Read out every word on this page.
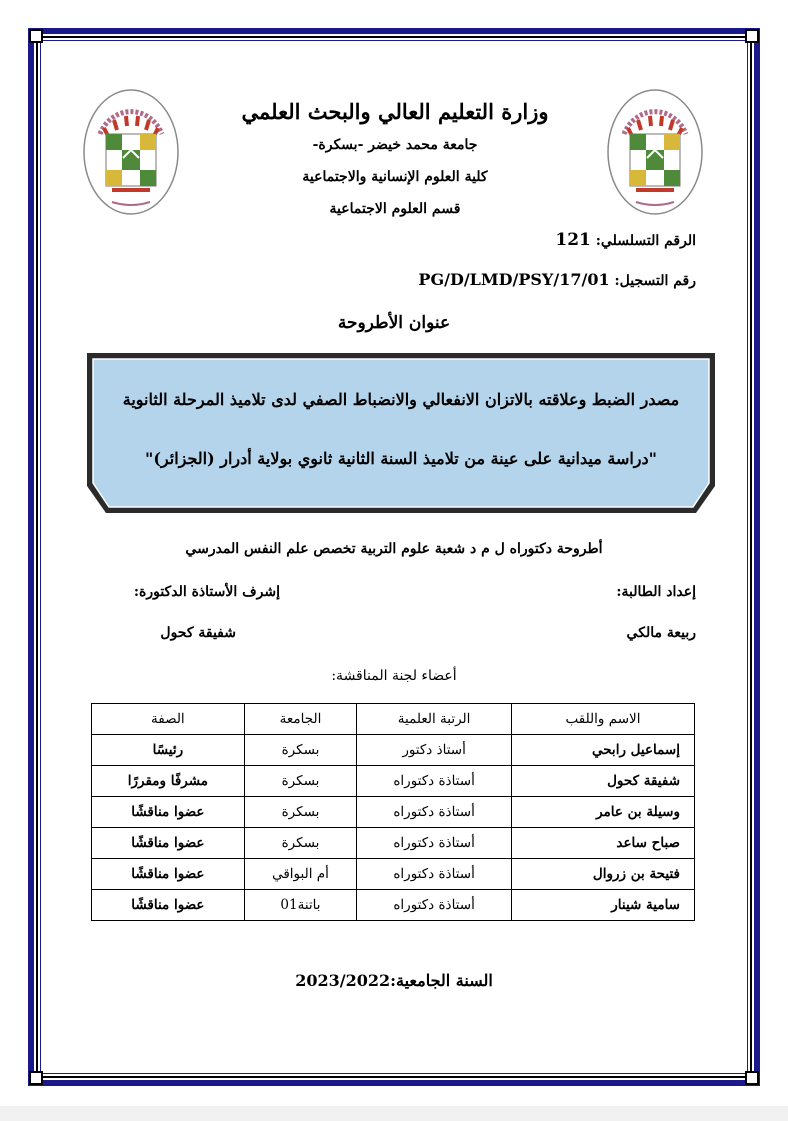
وزارة التعليم العالي والبحث العلمي
جامعة محمد خيضر -بسكرة-
كلية العلوم الإنسانية والاجتماعية
قسم العلوم الاجتماعية
الرقم التسلسلي: 121
رقم التسجيل: 01/PG/D/LMD/PSY/17
عنوان الأطروحة
مصدر الضبط وعلاقته بالاتزان الانفعالي والانضباط الصفي لدى تلاميذ المرحلة الثانوية
"دراسة ميدانية على عينة من تلاميذ السنة الثانية ثانوي بولاية أدرار (الجزائر)"
أطروحة دكتوراه ل م د شعبة علوم التربية تخصص علم النفس المدرسي
إعداد الطالبة:
إشرف الأستاذة الدكتورة:
ربيعة مالكي
شفيقة كحول
أعضاء لجنة المناقشة:
الاسم واللقب	الرتبة العلمية	الجامعة	الصفة
إسماعيل رابحي	أستاذ دكتور	بسكرة	رئيسًا
شفيقة كحول	أستاذة دكتوراه	بسكرة	مشرفًا ومقررًا
وسيلة بن عامر	أستاذة دكتوراه	بسكرة	عضوا مناقشًا
صباح ساعد	أستاذة دكتوراه	بسكرة	عضوا مناقشًا
فتيحة بن زروال	أستاذة دكتوراه	أم البواقي	عضوا مناقشًا
سامية شينار	أستاذة دكتوراه	باتنة01	عضوا مناقشًا
السنة الجامعية:2023/2022
